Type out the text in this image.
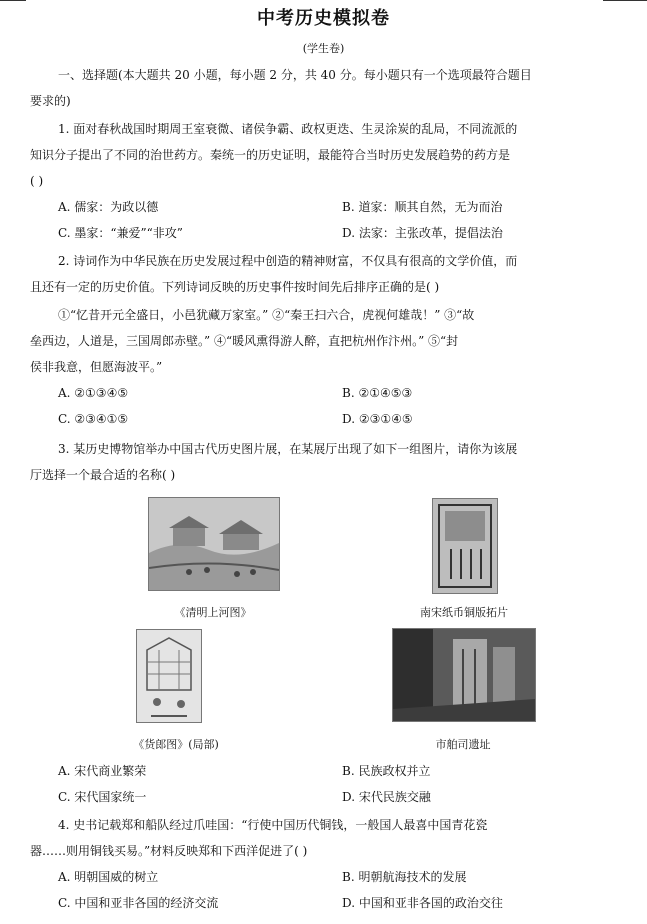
中考历史模拟卷
(学生卷)
一、选择题(本大题共 20 小题，每小题 2 分，共 40 分。每小题只有一个选项最符合题目
要求的)
1. 面对春秋战国时期周王室衰微、诸侯争霸、政权更迭、生灵涂炭的乱局，不同流派的
知识分子提出了不同的治世药方。秦统一的历史证明，最能符合当时历史发展趋势的药方是
( )
A. 儒家：为政以德	B. 道家：顺其自然，无为而治
C. 墨家：“兼爱”“非攻”	D. 法家：主张改革，提倡法治
2. 诗词作为中华民族在历史发展过程中创造的精神财富，不仅具有很高的文学价值，而
且还有一定的历史价值。下列诗词反映的历史事件按时间先后排序正确的是( )
①“忆昔开元全盛日，小邑犹藏万家室。” ②“秦王扫六合，虎视何雄哉！” ③“故
垒西边，人道是，三国周郎赤壁。” ④“暖风熏得游人醉，直把杭州作汴州。” ⑤“封
侯非我意，但愿海波平。”
A. ②①③④⑤	B. ②①④⑤③
C. ②③④①⑤	D. ②③①④⑤
3. 某历史博物馆举办中国古代历史图片展，在某展厅出现了如下一组图片，请你为该展
厅选择一个最合适的名称( )
《清明上河图》	南宋纸币铜版拓片
《货郎图》(局部)	市舶司遗址
A. 宋代商业繁荣	B. 民族政权并立
C. 宋代国家统一	D. 宋代民族交融
4. 史书记载郑和船队经过爪哇国：“行使中国历代铜钱，一般国人最喜中国青花瓷
器……则用铜钱买易。”材料反映郑和下西洋促进了( )
A. 明朝国威的树立	B. 明朝航海技术的发展
C. 中国和亚非各国的经济交流	D. 中国和亚非各国的政治交往
